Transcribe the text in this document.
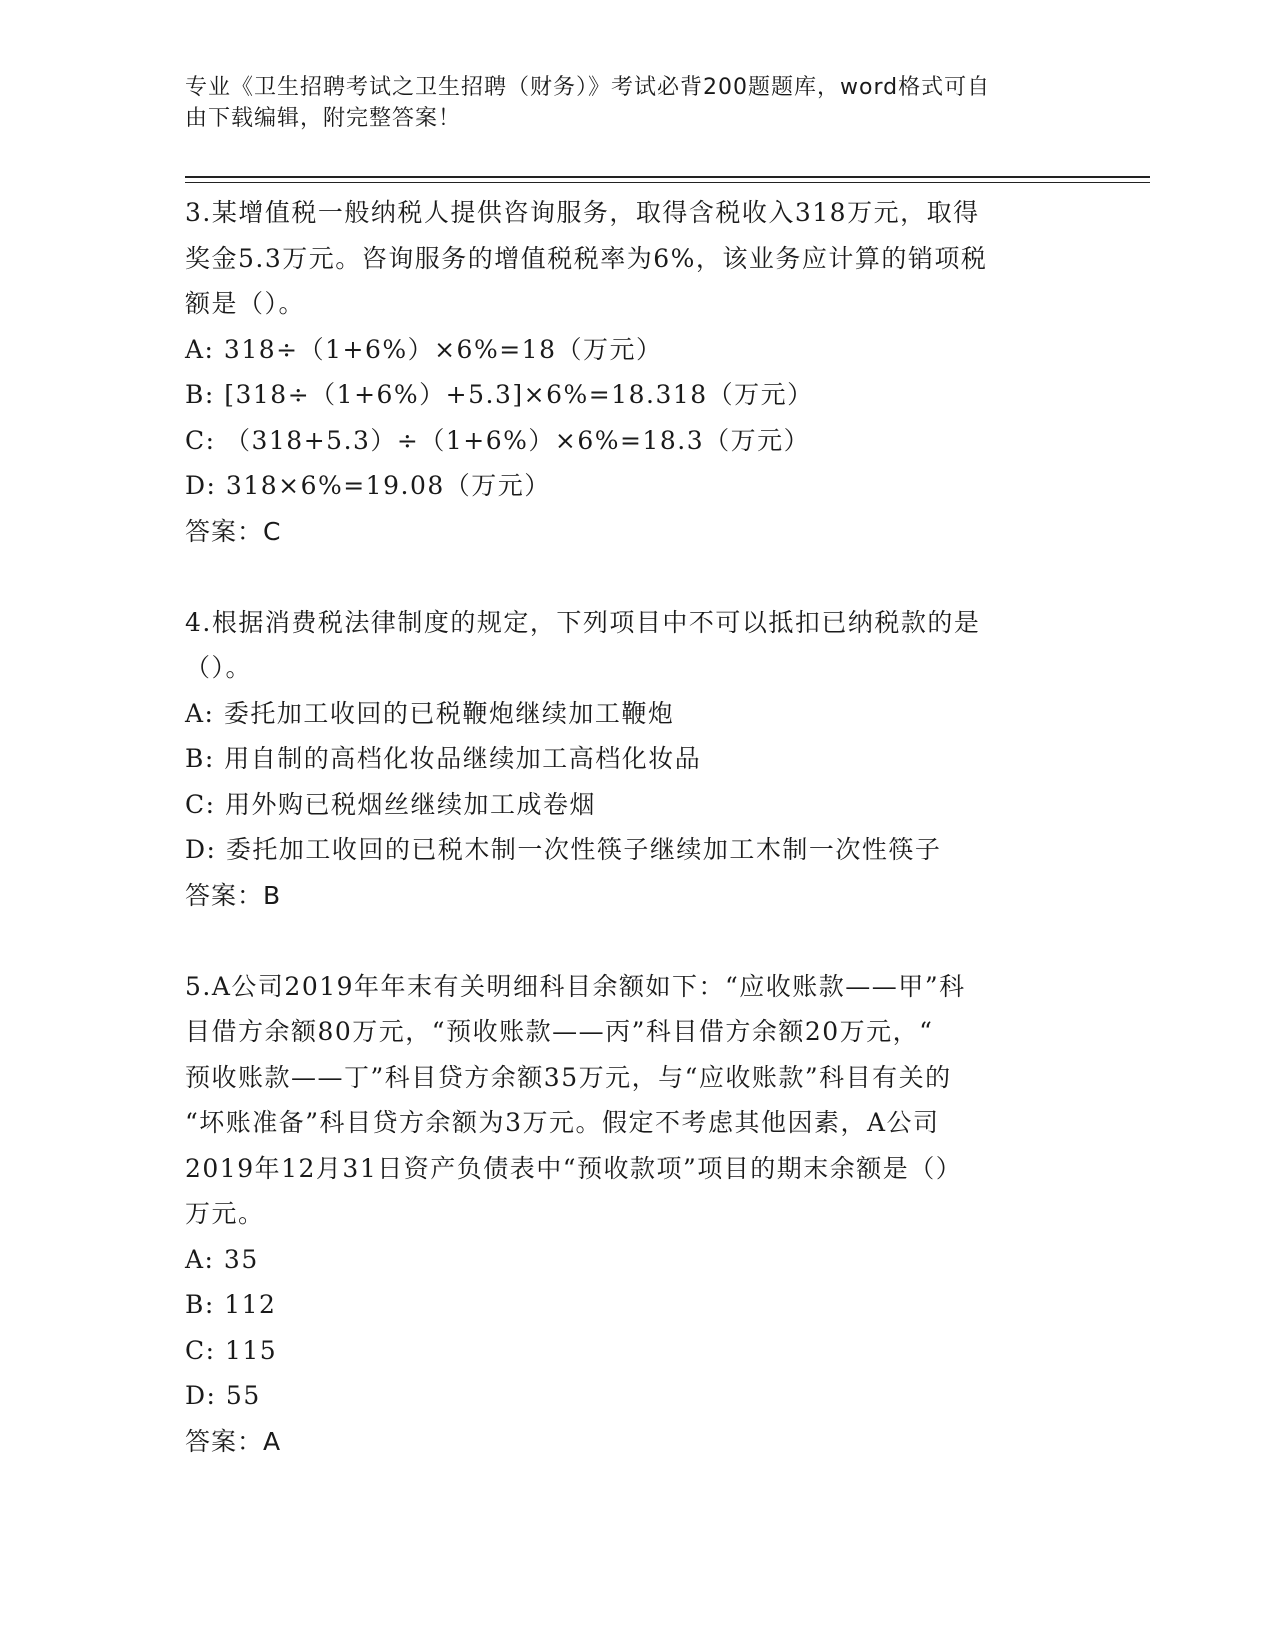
专业《卫生招聘考试之卫生招聘（财务）》考试必背200题题库，word格式可自
由下载编辑，附完整答案！
3.某增值税一般纳税人提供咨询服务，取得含税收入318万元，取得
奖金5.3万元。咨询服务的增值税税率为6%，该业务应计算的销项税
额是（）。
A: 318÷（1+6%）×6%=18（万元）
B: [318÷（1+6%）+5.3]×6%=18.318（万元）
C: （318+5.3）÷（1+6%）×6%=18.3（万元）
D: 318×6%=19.08（万元）
答案：C
4.根据消费税法律制度的规定，下列项目中不可以抵扣已纳税款的是
（）。
A: 委托加工收回的已税鞭炮继续加工鞭炮
B: 用自制的高档化妆品继续加工高档化妆品
C: 用外购已税烟丝继续加工成卷烟
D: 委托加工收回的已税木制一次性筷子继续加工木制一次性筷子
答案：B
5.A公司2019年年末有关明细科目余额如下：“应收账款——甲”科
目借方余额80万元，“预收账款——丙”科目借方余额20万元，“
预收账款——丁”科目贷方余额35万元，与“应收账款”科目有关的
“坏账准备”科目贷方余额为3万元。假定不考虑其他因素，A公司
2019年12月31日资产负债表中“预收款项”项目的期末余额是（）
万元。
A: 35
B: 112
C: 115
D: 55
答案：A
